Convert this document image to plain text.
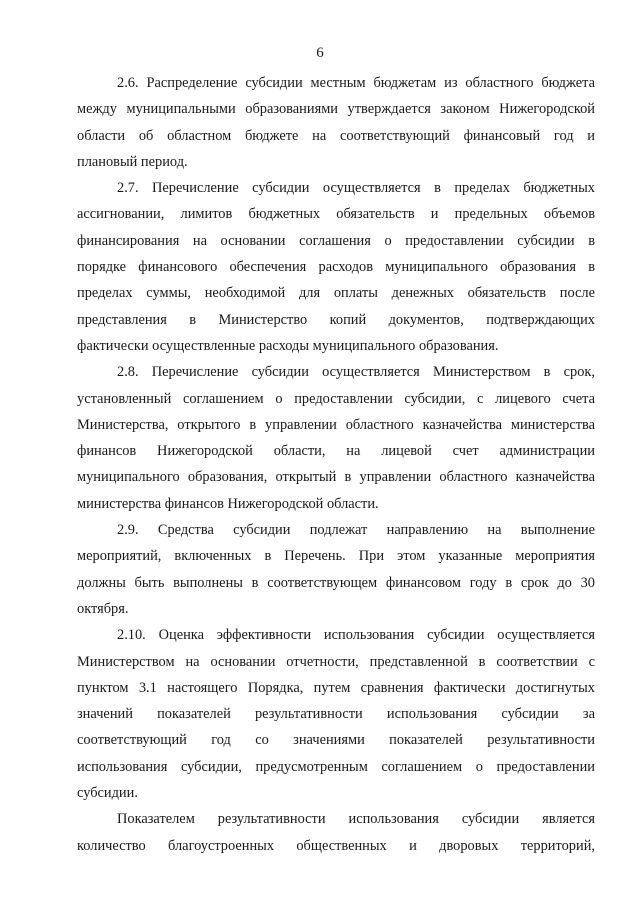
6

2.6. Распределение субсидии местным бюджетам из областного бюджета
между муниципальными образованиями утверждается законом Нижегородской
области об областном бюджете на соответствующий финансовый год и
плановый период.

2.7. Перечисление субсидии осуществляется в пределах бюджетных
ассигновании, лимитов бюджетных обязательств и предельных объемов
финансирования на основании соглашения о предоставлении субсидии в
порядке финансового обеспечения расходов муниципального образования в
пределах суммы, необходимой для оплаты денежных обязательств после
представления в Министерство копий документов, подтверждающих
фактически осуществленные расходы муниципального образования.

2.8. Перечисление субсидии осуществляется Министерством в срок,
установленный соглашением о предоставлении субсидии, с лицевого счета
Министерства, открытого в управлении областного казначейства министерства
финансов Нижегородской области, на лицевой счет администрации
муниципального образования, открытый в управлении областного казначейства
министерства финансов Нижегородской области.

2.9. Средства субсидии подлежат направлению на выполнение
мероприятий, включенных в Перечень. При этом указанные мероприятия
должны быть выполнены в соответствующем финансовом году в срок до 30
октября.

2.10. Оценка эффективности использования субсидии осуществляется
Министерством на основании отчетности, представленной в соответствии с
пунктом 3.1 настоящего Порядка, путем сравнения фактически достигнутых
значений показателей результативности использования субсидии за
соответствующий год со значениями показателей результативности
использования субсидии, предусмотренным соглашением о предоставлении
субсидии.

Показателем результативности использования субсидии является
количество благоустроенных общественных и дворовых территорий,
